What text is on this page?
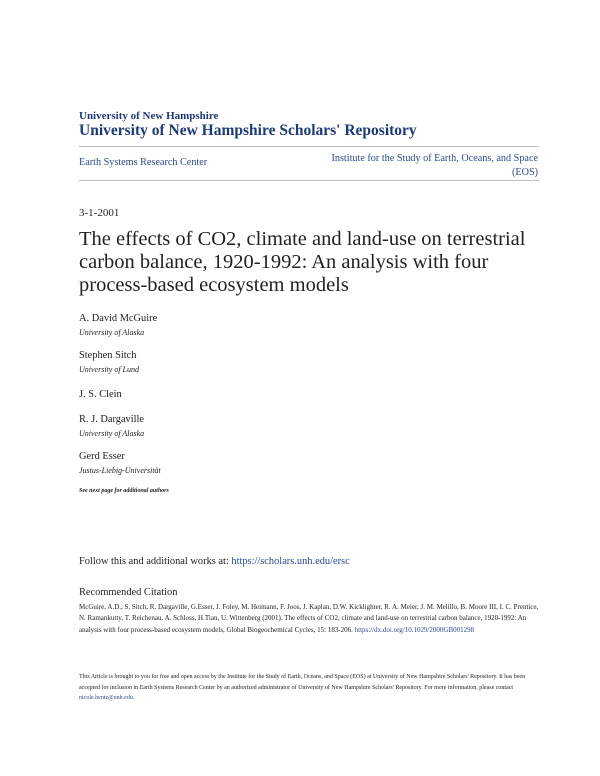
University of New Hampshire
University of New Hampshire Scholars' Repository
Earth Systems Research Center	Institute for the Study of Earth, Oceans, and Space
(EOS)
3-1-2001
The effects of CO2, climate and land-use on terrestrial carbon balance, 1920-1992: An analysis with four process-based ecosystem models
A. David McGuire
University of Alaska
Stephen Sitch
University of Lund
J. S. Clein
R. J. Dargaville
University of Alaska
Gerd Esser
Justus-Liebig-Universität
See next page for additional authors
Follow this and additional works at: https://scholars.unh.edu/ersc
Recommended Citation
McGuire, A.D., S. Sitch, R. Dargaville, G.Esser, J. Foley, M. Heimann, F. Joos, J. Kaplan, D.W. Kicklighter, R. A. Meier, J. M. Melillo, B. Moore III, I. C. Prentice, N. Ramankutty, T. Reichenau, A. Schloss, H.Tian, U. Wittenberg (2001). The effects of CO2, climate and land-use on terrestrial carbon balance, 1920-1992: An analysis with four process-based ecosystem models, Global Biogeochemical Cycles, 15: 183-206. https://dx.doi.org/10.1029/2000GB001298
This Article is brought to you for free and open access by the Institute for the Study of Earth, Oceans, and Space (EOS) at University of New Hampshire Scholars' Repository. It has been accepted for inclusion in Earth Systems Research Center by an authorized administrator of University of New Hampshire Scholars' Repository. For more information, please contact nicole.hentz@unh.edu.
